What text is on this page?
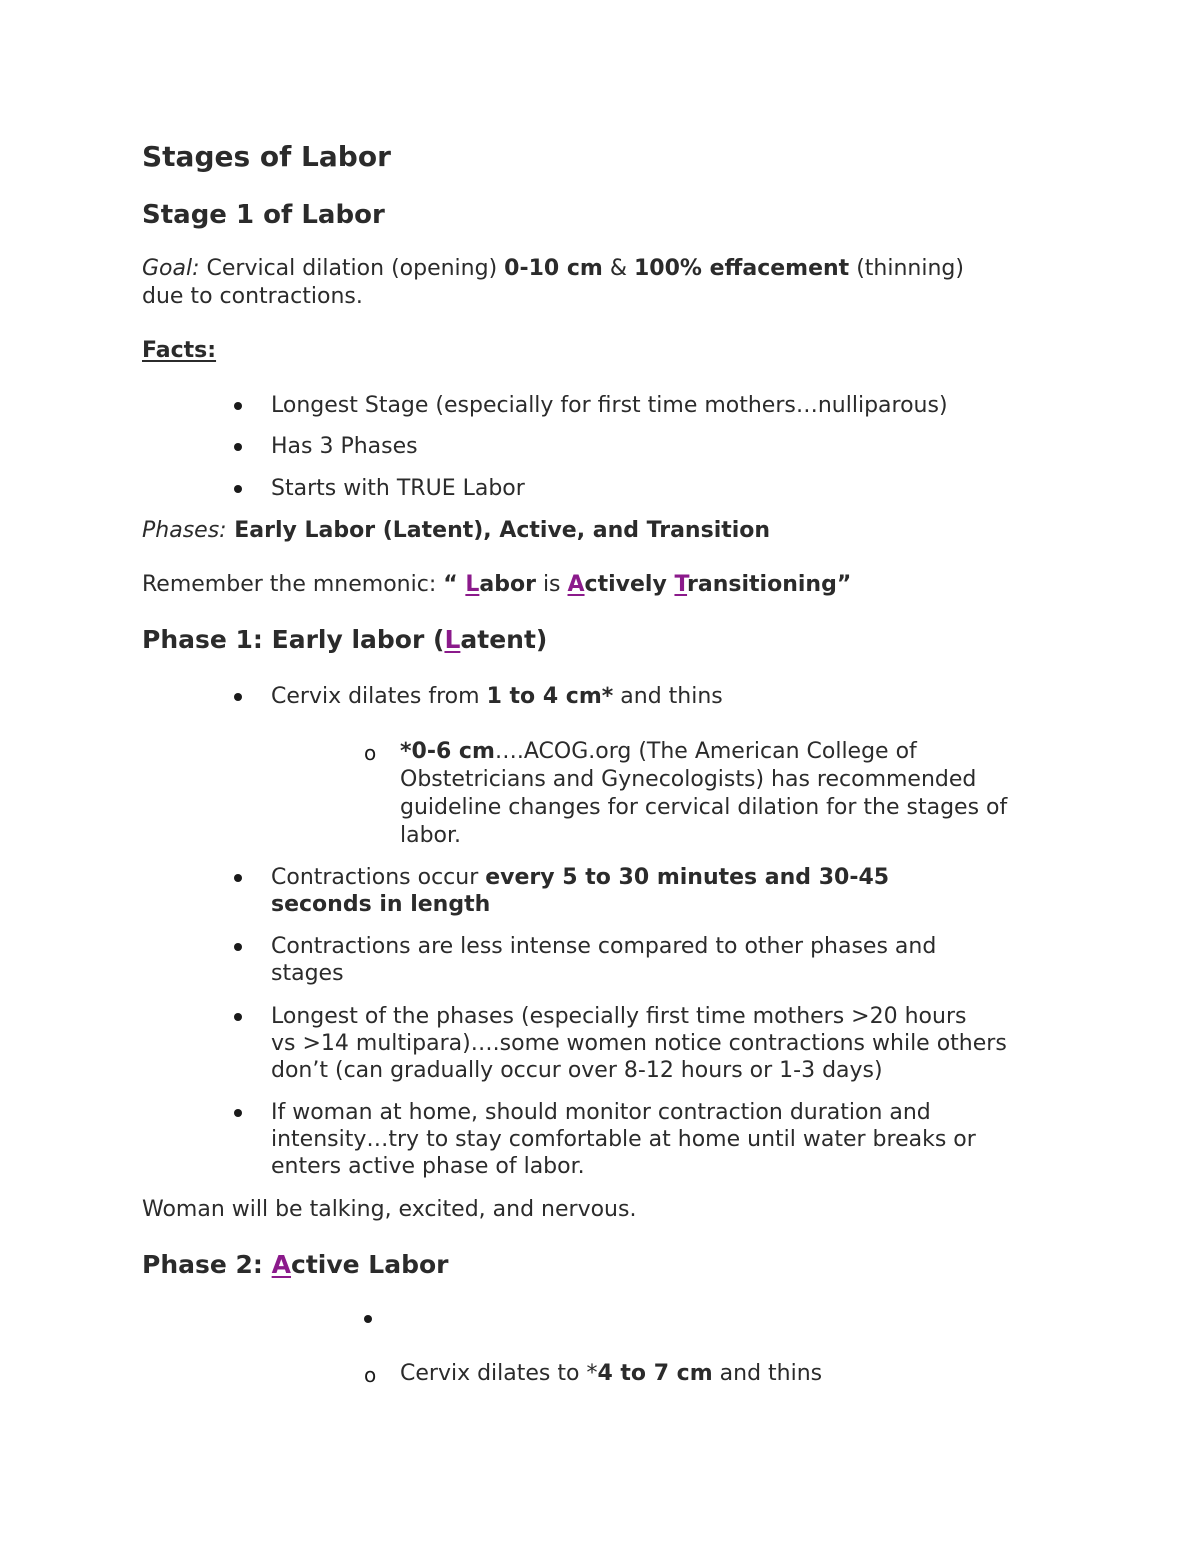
Stages of Labor
Stage 1 of Labor
Goal: Cervical dilation (opening) 0-10 cm & 100% effacement (thinning)
due to contractions.
Facts:
Longest Stage (especially for first time mothers…nulliparous)
Has 3 Phases
Starts with TRUE Labor
Phases: Early Labor (Latent), Active, and Transition
Remember the mnemonic: “ Labor is Actively Transitioning”
Phase 1: Early labor (Latent)
Cervix dilates from 1 to 4 cm* and thins
o *0-6 cm….ACOG.org (The American College of
Obstetricians and Gynecologists) has recommended
guideline changes for cervical dilation for the stages of
labor.
Contractions occur every 5 to 30 minutes and 30-45
seconds in length
Contractions are less intense compared to other phases and
stages
Longest of the phases (especially first time mothers >20 hours
vs >14 multipara)….some women notice contractions while others
don’t (can gradually occur over 8-12 hours or 1-3 days)
If woman at home, should monitor contraction duration and
intensity…try to stay comfortable at home until water breaks or
enters active phase of labor.
Woman will be talking, excited, and nervous.
Phase 2: Active Labor
o Cervix dilates to *4 to 7 cm and thins
